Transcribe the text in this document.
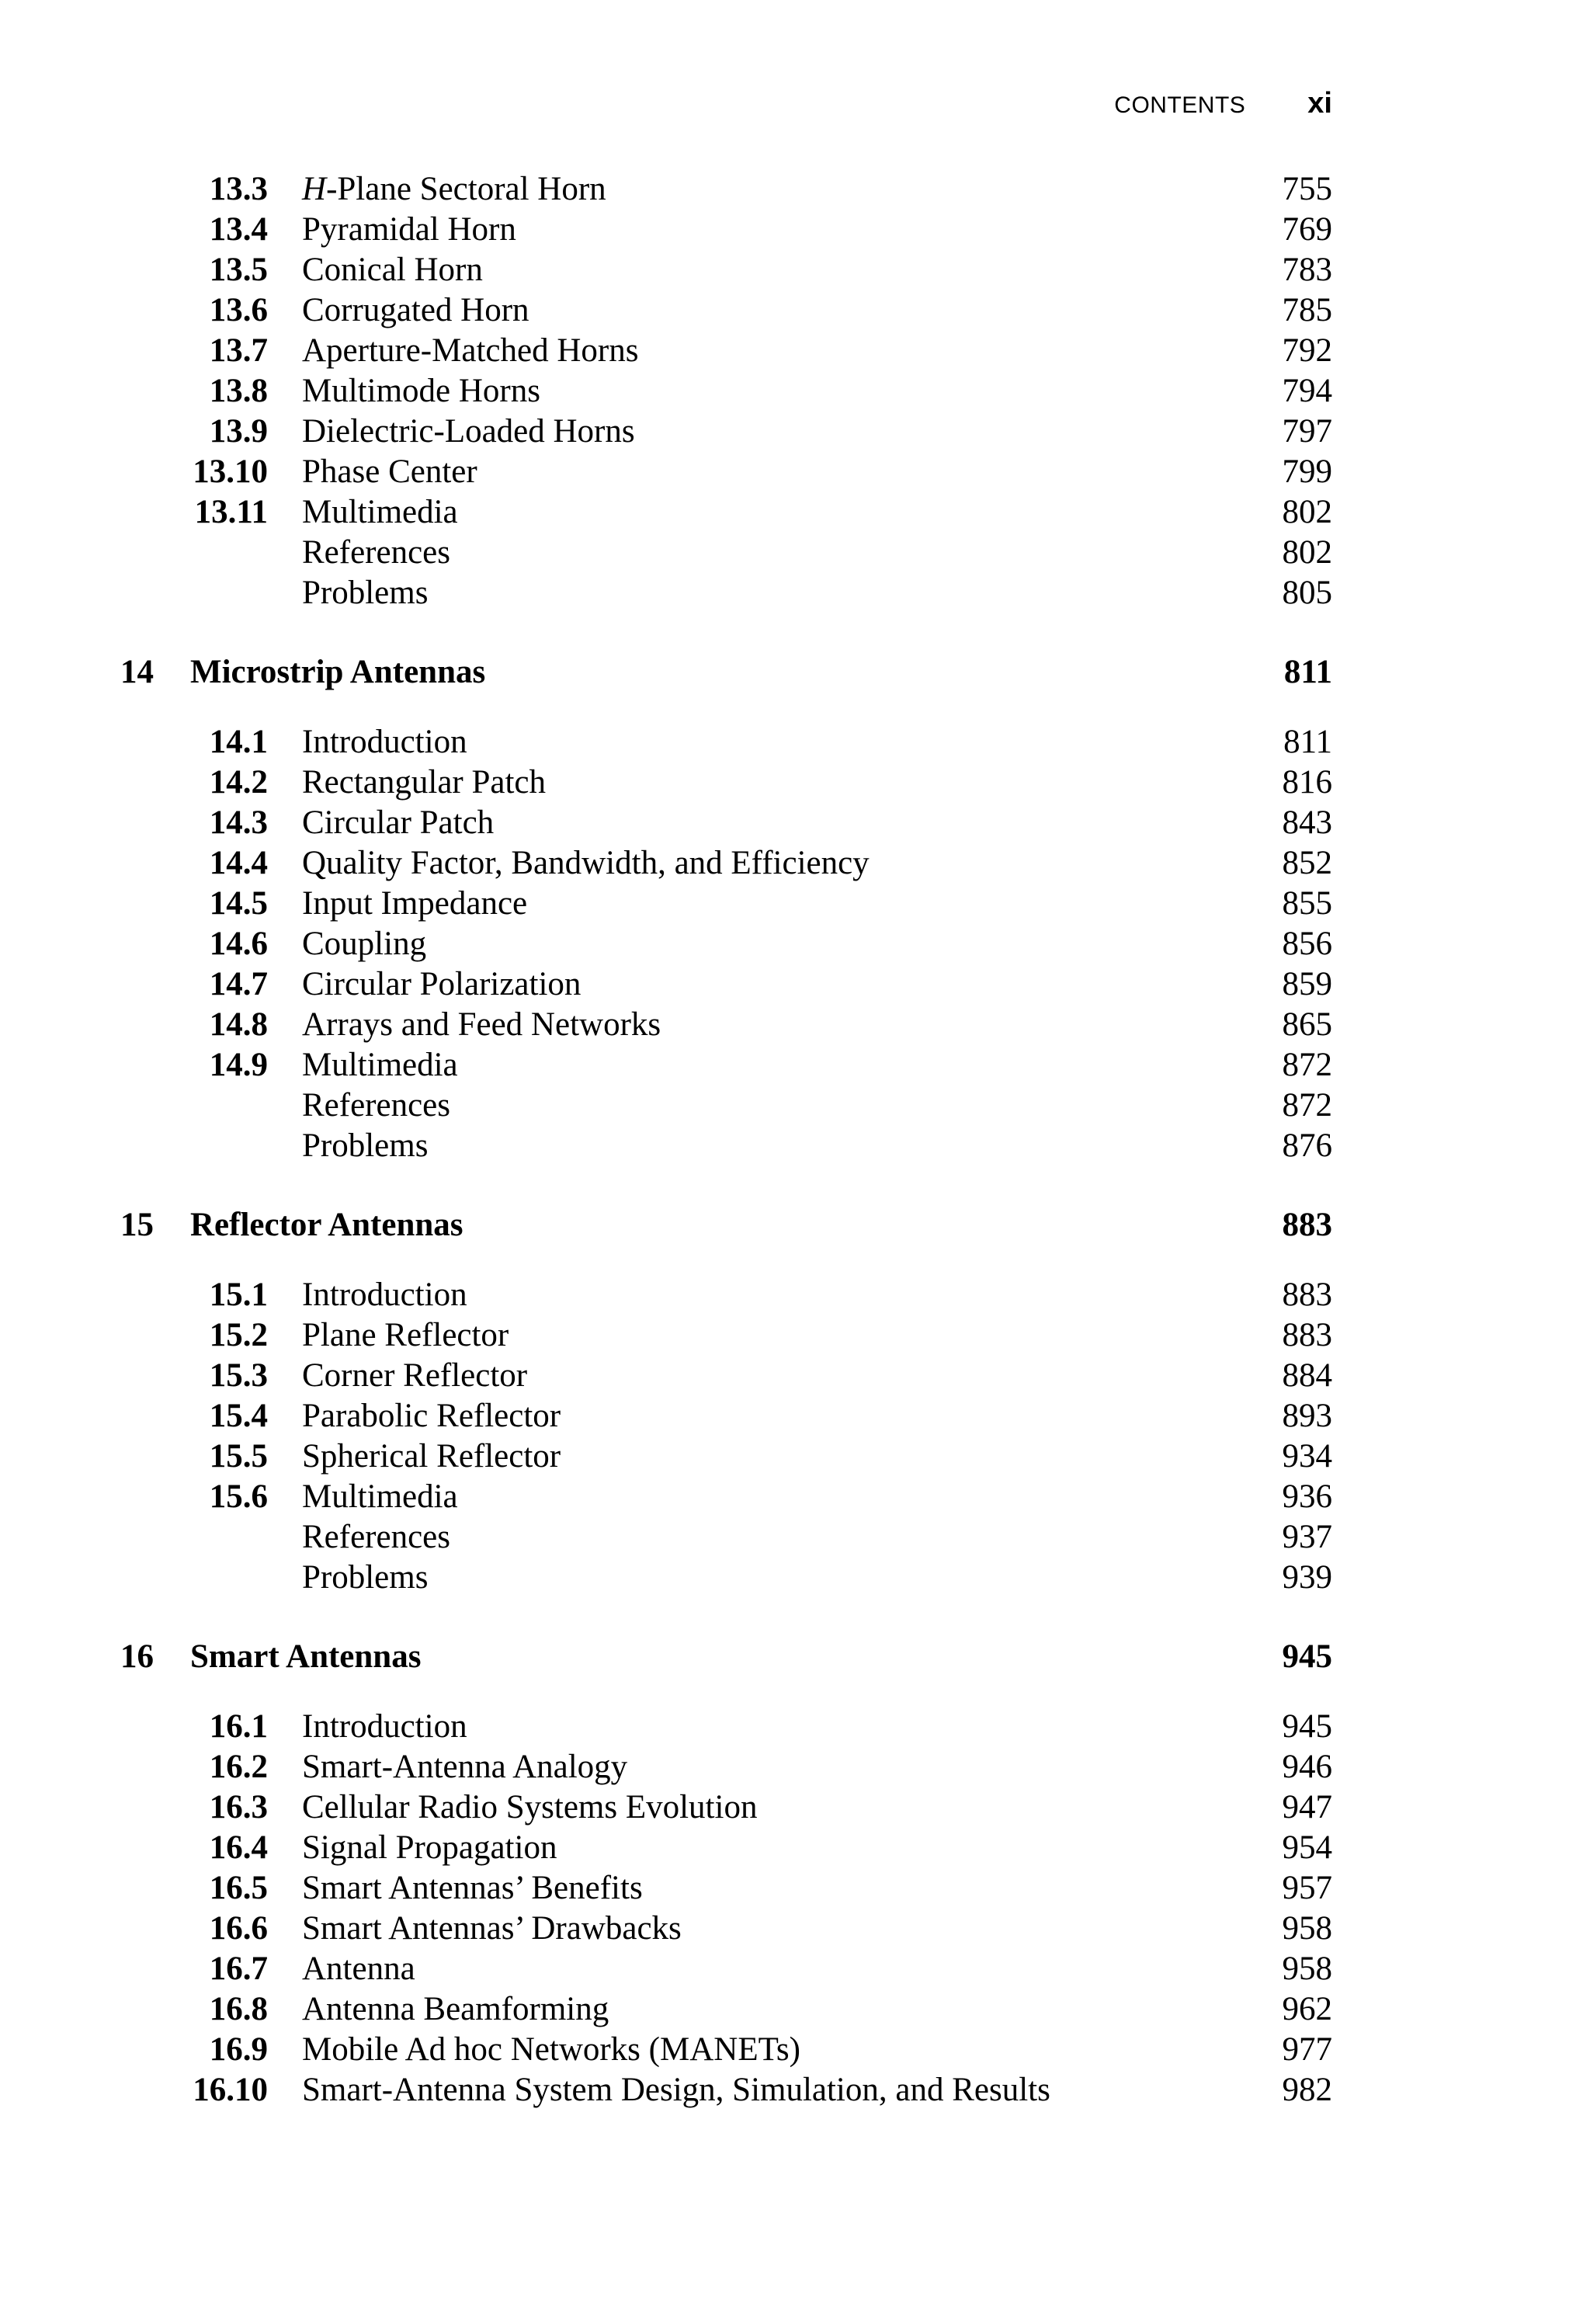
CONTENTS xi
13.3 H-Plane Sectoral Horn	755
13.4 Pyramidal Horn	769
13.5 Conical Horn	783
13.6 Corrugated Horn	785
13.7 Aperture-Matched Horns	792
13.8 Multimode Horns	794
13.9 Dielectric-Loaded Horns	797
13.10 Phase Center	799
13.11 Multimedia	802
References	802
Problems	805
14 Microstrip Antennas	811
14.1 Introduction	811
14.2 Rectangular Patch	816
14.3 Circular Patch	843
14.4 Quality Factor, Bandwidth, and Efficiency	852
14.5 Input Impedance	855
14.6 Coupling	856
14.7 Circular Polarization	859
14.8 Arrays and Feed Networks	865
14.9 Multimedia	872
References	872
Problems	876
15 Reflector Antennas	883
15.1 Introduction	883
15.2 Plane Reflector	883
15.3 Corner Reflector	884
15.4 Parabolic Reflector	893
15.5 Spherical Reflector	934
15.6 Multimedia	936
References	937
Problems	939
16 Smart Antennas	945
16.1 Introduction	945
16.2 Smart-Antenna Analogy	946
16.3 Cellular Radio Systems Evolution	947
16.4 Signal Propagation	954
16.5 Smart Antennas’ Benefits	957
16.6 Smart Antennas’ Drawbacks	958
16.7 Antenna	958
16.8 Antenna Beamforming	962
16.9 Mobile Ad hoc Networks (MANETs)	977
16.10 Smart-Antenna System Design, Simulation, and Results	982
